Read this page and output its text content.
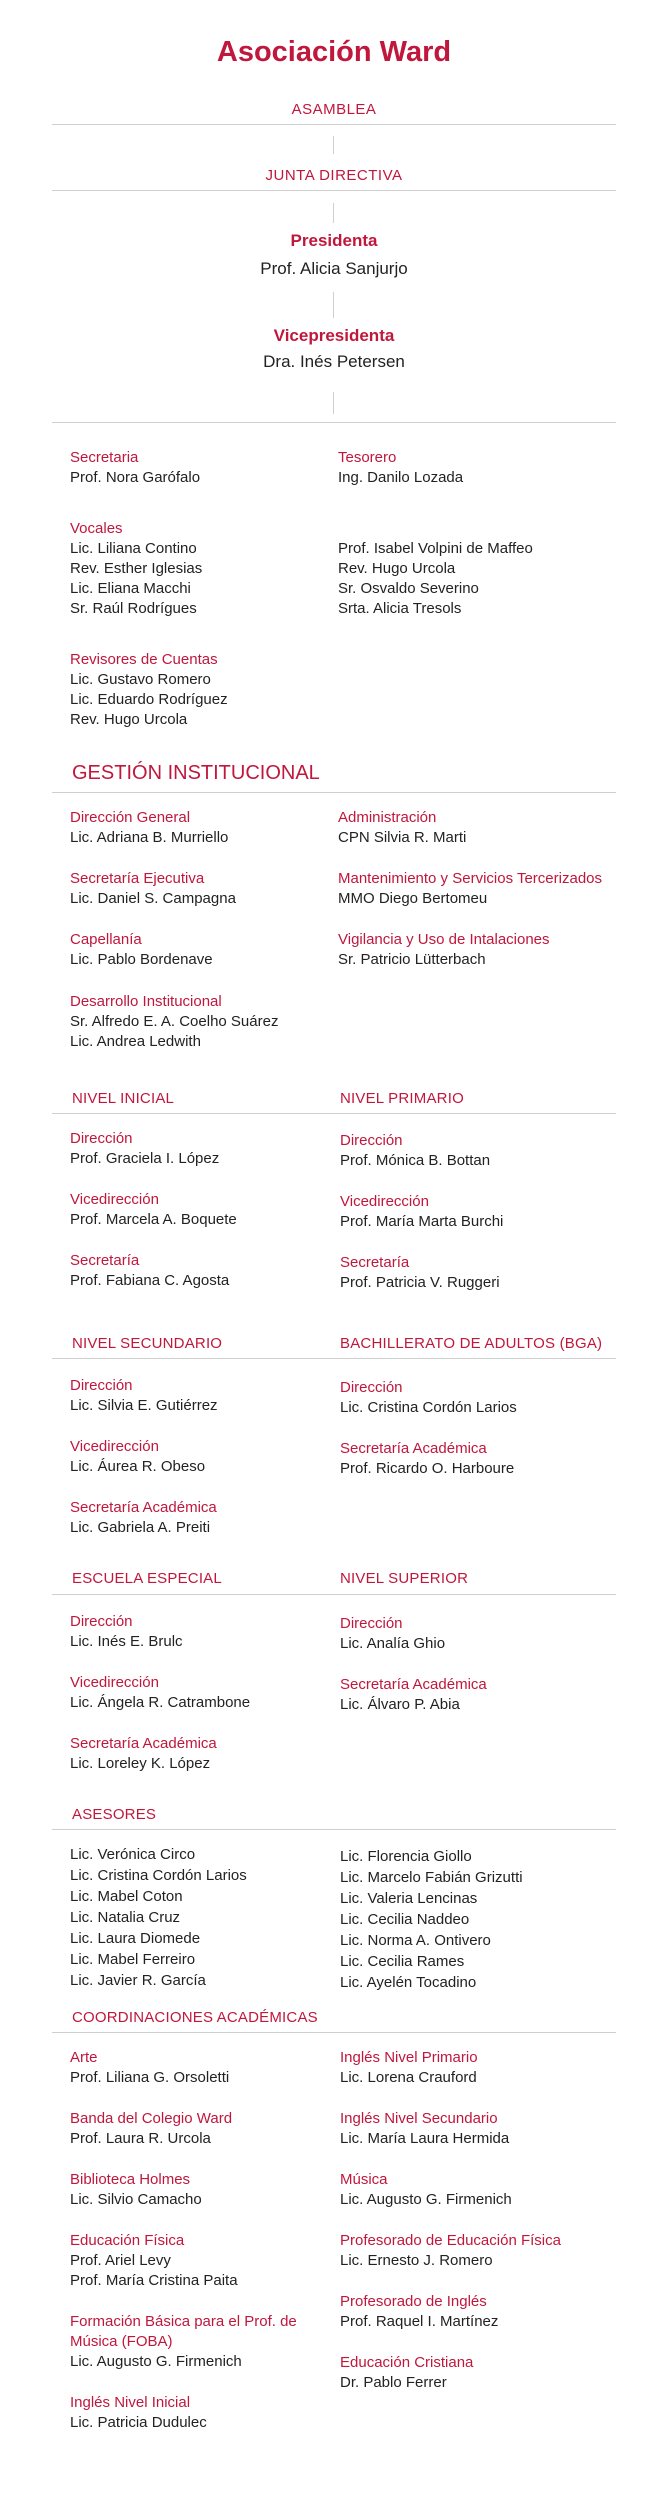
Asociación Ward
ASAMBLEA
JUNTA DIRECTIVA
Presidenta
Prof. Alicia Sanjurjo
Vicepresidenta
Dra. Inés Petersen
Secretaria
Prof. Nora Garófalo
Tesorero
Ing. Danilo Lozada
Vocales
Lic. Liliana Contino
Rev. Esther Iglesias
Lic. Eliana Macchi
Sr. Raúl Rodrígues
Prof. Isabel Volpini de Maffeo
Rev. Hugo Urcola
Sr. Osvaldo Severino
Srta. Alicia Tresols
Revisores de Cuentas
Lic. Gustavo Romero
Lic. Eduardo Rodríguez
Rev. Hugo Urcola
GESTIÓN INSTITUCIONAL
Dirección General
Lic. Adriana B. Murriello
Secretaría Ejecutiva
Lic. Daniel S. Campagna
Capellanía
Lic. Pablo Bordenave
Desarrollo Institucional
Sr. Alfredo E. A. Coelho Suárez
Lic. Andrea Ledwith
Administración
CPN Silvia R. Marti
Mantenimiento y Servicios Tercerizados
MMO Diego Bertomeu
Vigilancia y Uso de Intalaciones
Sr. Patricio Lütterbach
NIVEL INICIAL	NIVEL PRIMARIO
Dirección
Prof. Graciela I. López
Vicedirección
Prof. Marcela A. Boquete
Secretaría
Prof. Fabiana C. Agosta
Dirección
Prof. Mónica B. Bottan
Vicedirección
Prof. María Marta Burchi
Secretaría
Prof. Patricia V. Ruggeri
NIVEL SECUNDARIO	BACHILLERATO DE ADULTOS (BGA)
Dirección
Lic. Silvia E. Gutiérrez
Vicedirección
Lic. Áurea R. Obeso
Secretaría Académica
Lic. Gabriela A. Preiti
Dirección
Lic. Cristina Cordón Larios
Secretaría Académica
Prof. Ricardo O. Harboure
ESCUELA ESPECIAL	NIVEL SUPERIOR
Dirección
Lic. Inés E. Brulc
Vicedirección
Lic. Ángela R. Catrambone
Secretaría Académica
Lic. Loreley K. López
Dirección
Lic. Analía Ghio
Secretaría Académica
Lic. Álvaro P. Abia
ASESORES
Lic. Verónica Circo
Lic. Cristina Cordón Larios
Lic. Mabel Coton
Lic. Natalia Cruz
Lic. Laura Diomede
Lic. Mabel Ferreiro
Lic. Javier R. García
Lic. Florencia Giollo
Lic. Marcelo Fabián Grizutti
Lic. Valeria Lencinas
Lic. Cecilia Naddeo
Lic. Norma A. Ontivero
Lic. Cecilia Rames
Lic. Ayelén Tocadino
COORDINACIONES ACADÉMICAS
Arte
Prof. Liliana G. Orsoletti
Banda del Colegio Ward
Prof. Laura R. Urcola
Biblioteca Holmes
Lic. Silvio Camacho
Educación Física
Prof. Ariel Levy
Prof. María Cristina Paita
Formación Básica para el Prof. de Música (FOBA)
Lic. Augusto G. Firmenich
Inglés Nivel Inicial
Lic. Patricia Dudulec
Inglés Nivel Primario
Lic. Lorena Crauford
Inglés Nivel Secundario
Lic. María Laura Hermida
Música
Lic. Augusto G. Firmenich
Profesorado de Educación Física
Lic. Ernesto J. Romero
Profesorado de Inglés
Prof. Raquel I. Martínez
Educación Cristiana
Dr. Pablo Ferrer
